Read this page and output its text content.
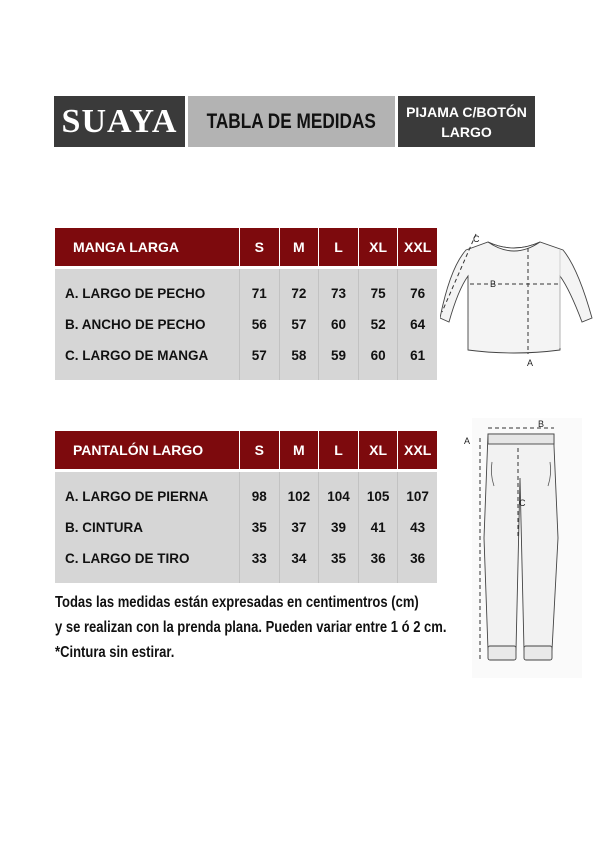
SUAYA TABLA DE MEDIDAS PIJAMA C/BOTÓN
LARGO
MANGA LARGA	S	M	L	XL	XXL
A. LARGO DE PECHO	71	72	73	75	76
B. ANCHO DE PECHO	56	57	60	52	64
C. LARGO DE MANGA	57	58	59	60	61
PANTALÓN LARGO	S	M	L	XL	XXL
A. LARGO DE PIERNA	98	102	104	105	107
B. CINTURA	35	37	39	41	43
C. LARGO DE TIRO	33	34	35	36	36
C
B
A
A
B
C
Todas las medidas están expresadas en centimentros (cm)
y se realizan con la prenda plana. Pueden variar entre 1 ó 2 cm.
*Cintura sin estirar.
